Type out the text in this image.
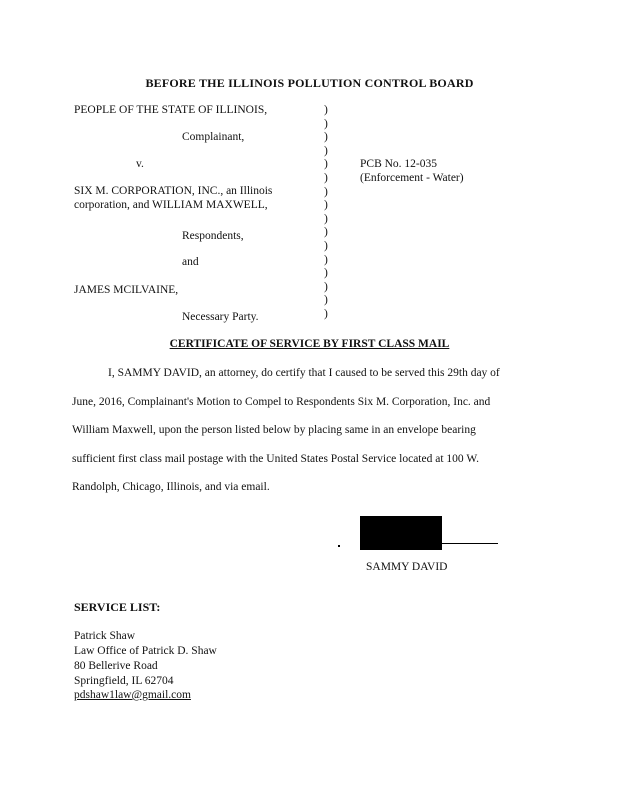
BEFORE THE ILLINOIS POLLUTION CONTROL BOARD
PEOPLE OF THE STATE OF ILLINOIS,
Complainant,
v.
SIX M. CORPORATION, INC., an Illinois
corporation, and WILLIAM MAXWELL,
Respondents,
and
JAMES MCILVAINE,
Necessary Party.
)
)
)
)
)
)
)
)
)
)
)
)
)
)
)
)
PCB No. 12-035
(Enforcement - Water)
CERTIFICATE OF SERVICE BY FIRST CLASS MAIL
I, SAMMY DAVID, an attorney, do certify that I caused to be served this 29th day of
June, 2016, Complainant's Motion to Compel to Respondents Six M. Corporation, Inc. and
William Maxwell, upon the person listed below by placing same in an envelope bearing
sufficient first class mail postage with the United States Postal Service located at 100 W.
Randolph, Chicago, Illinois, and via email.
SAMMY DAVID
SERVICE LIST:
Patrick Shaw
Law Office of Patrick D. Shaw
80 Bellerive Road
Springfield, IL 62704
pdshaw1law@gmail.com
